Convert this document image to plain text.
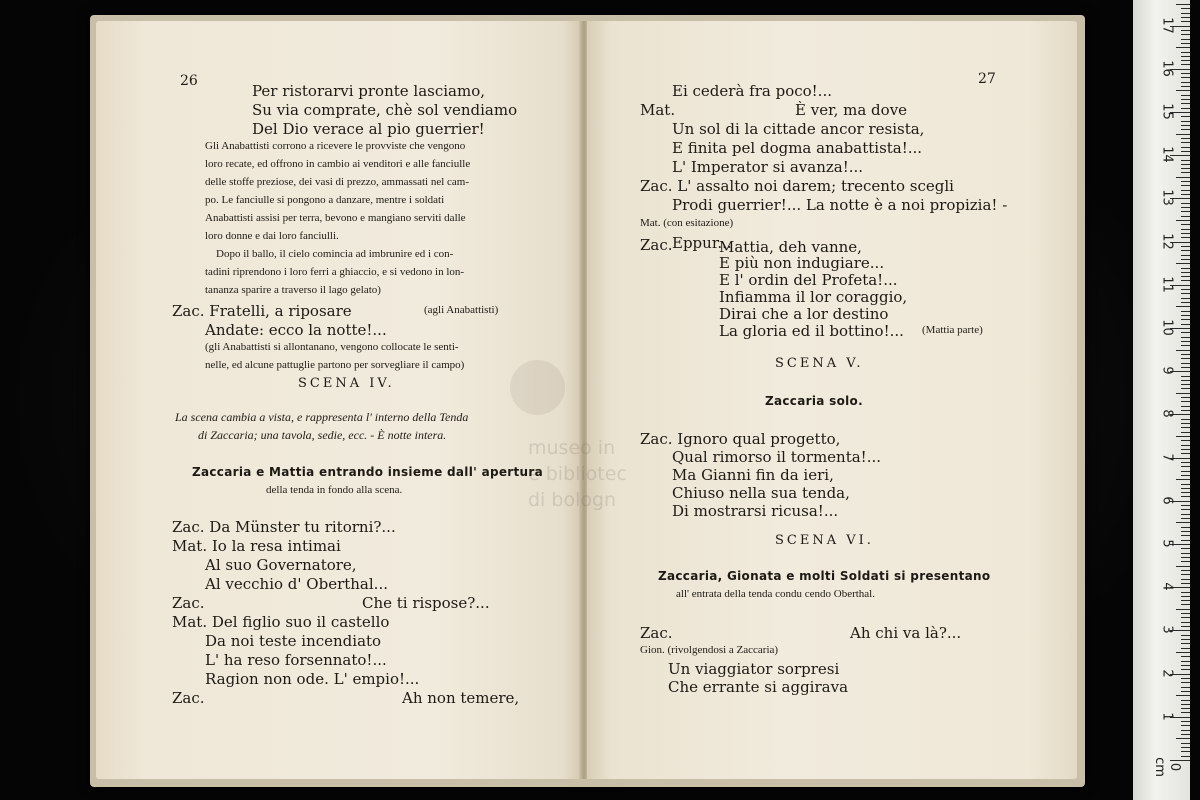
museo in
e bibliotec
di bologn
26	27
Per ristorarvi pronte lasciamo,
Su via comprate, chè sol vendiamo
Del Dio verace al pio guerrier!
Gli Anabattisti corrono a ricevere le provviste che vengono
loro recate, ed offrono in cambio ai venditori e alle fanciulle
delle stoffe preziose, dei vasi di prezzo, ammassati nel cam-
po. Le fanciulle si pongono a danzare, mentre i soldati
Anabattisti assisi per terra, bevono e mangiano serviti dalle
loro donne e dai loro fanciulli.
Dopo il ballo, il cielo comincia ad imbrunire ed i con-
tadini riprendono i loro ferri a ghiaccio, e si vedono in lon-
tananza sparire a traverso il lago gelato)
Zac. Fratelli, a riposare	(agli Anabattisti)
Andate: ecco la notte!...
(gli Anabattisti si allontanano, vengono collocate le senti-
nelle, ed alcune pattuglie partono per sorvegliare il campo)
SCENA IV.
La scena cambia a vista, e rappresenta l' interno della Tenda
di Zaccaria; una tavola, sedie, ecc. - È notte intera.
Zaccaria e Mattia entrando insieme dall' apertura
della tenda in fondo alla scena.
Zac. Da Münster tu ritorni?...
Mat. Io la resa intimai
Al suo Governatore,
Al vecchio d' Oberthal...
Zac.	Che ti rispose?...
Mat. Del figlio suo il castello
Da noi teste incendiato
L' ha reso forsennato!...
Ragion non ode. L' empio!...
Zac.	Ah non temere,
Ei cederà fra poco!...
Mat.	È ver, ma dove
Un sol di la cittade ancor resista,
E finita pel dogma anabattista!...
L' Imperator si avanza!...
Zac. L' assalto noi darem; trecento scegli
Prodi guerrier!... La notte è a noi propizia! -
Mat. (con esitazione)
Eppur...
Zac.	Mattia, deh vanne,
E più non indugiare...
E l' ordin del Profeta!...
Infiamma il lor coraggio,
Dirai che a lor destino
La gloria ed il bottino!... (Mattia parte)
SCENA V.
Zaccaria solo.
Zac. Ignoro qual progetto,
Qual rimorso il tormenta!...
Ma Gianni fin da ieri,
Chiuso nella sua tenda,
Di mostrarsi ricusa!...
SCENA VI.
Zaccaria, Gionata e molti Soldati si presentano
all' entrata della tenda condu cendo Oberthal.
Zac.	Ah chi va là?...
Gion. (rivolgendosi a Zaccaria)
Un viaggiator sorpresi
Che errante si aggirava
0 cm
1
2
3
4
5
6
7
8
9
10
11
12
13
14
15
16
17
